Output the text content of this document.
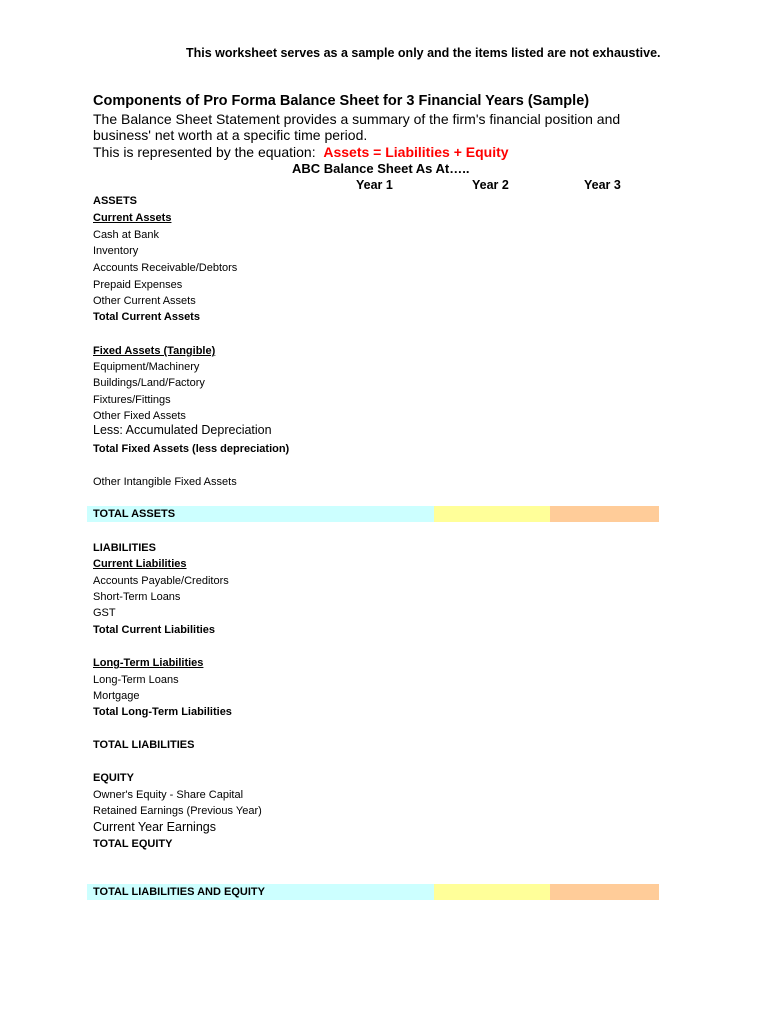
This worksheet serves as a sample only and the items listed are not exhaustive.
Components of Pro Forma Balance Sheet for 3 Financial Years (Sample)
The Balance Sheet Statement provides a summary of the firm's financial position and
business' net worth at a specific time period.
This is represented by the equation: Assets = Liabilities + Equity
ABC Balance Sheet As At…..
Year 1	Year 2	Year 3
ASSETS
Current Assets
Cash at Bank
Inventory
Accounts Receivable/Debtors
Prepaid Expenses
Other Current Assets
Total Current Assets
Fixed Assets (Tangible)
Equipment/Machinery
Buildings/Land/Factory
Fixtures/Fittings
Other Fixed Assets
Less: Accumulated Depreciation
Total Fixed Assets (less depreciation)
Other Intangible Fixed Assets
TOTAL ASSETS
LIABILITIES
Current Liabilities
Accounts Payable/Creditors
Short-Term Loans
GST
Total Current Liabilities
Long-Term Liabilities
Long-Term Loans
Mortgage
Total Long-Term Liabilities
TOTAL LIABILITIES
EQUITY
Owner's Equity - Share Capital
Retained Earnings (Previous Year)
Current Year Earnings
TOTAL EQUITY
TOTAL LIABILITIES AND EQUITY
